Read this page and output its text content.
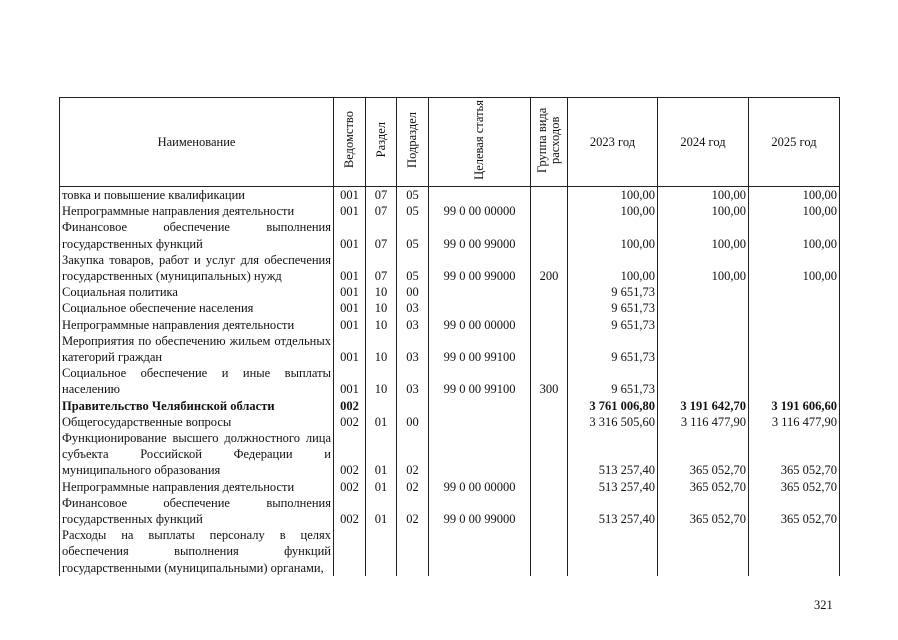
Наименование	Ведомство	Раздел	Подраздел	Целевая статья	Группа вида расходов	2023 год	2024 год	2025 год
товка и повышение квалификации	001	07	05			100,00	100,00	100,00
Непрограммные направления деятельности	001	07	05	99 0 00 00000		100,00	100,00	100,00
Финансовое обеспечение выполнения государственных функций	001	07	05	99 0 00 99000		100,00	100,00	100,00
Закупка товаров, работ и услуг для обеспечения государственных (муниципальных) нужд	001	07	05	99 0 00 99000	200	100,00	100,00	100,00
Социальная политика	001	10	00			9 651,73		
Социальное обеспечение населения	001	10	03			9 651,73		
Непрограммные направления деятельности	001	10	03	99 0 00 00000		9 651,73		
Мероприятия по обеспечению жильем отдельных категорий граждан	001	10	03	99 0 00 99100		9 651,73		
Социальное обеспечение и иные выплаты населению	001	10	03	99 0 00 99100	300	9 651,73		
Правительство Челябинской области	002					3 761 006,80	3 191 642,70	3 191 606,60
Общегосударственные вопросы	002	01	00			3 316 505,60	3 116 477,90	3 116 477,90
Функционирование высшего должностного лица субъекта Российской Федерации и муниципального образования	002	01	02			513 257,40	365 052,70	365 052,70
Непрограммные направления деятельности	002	01	02	99 0 00 00000		513 257,40	365 052,70	365 052,70
Финансовое обеспечение выполнения государственных функций	002	01	02	99 0 00 99000		513 257,40	365 052,70	365 052,70
Расходы на выплаты персоналу в целях обеспечения выполнения функций государственными (муниципальными) органами,								
321
